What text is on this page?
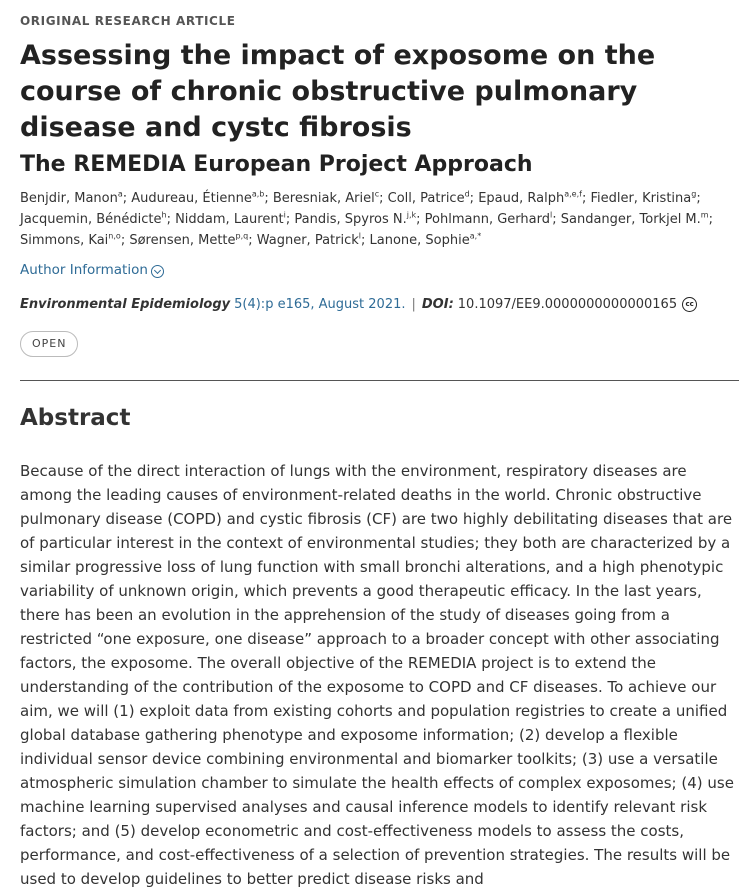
ORIGINAL RESEARCH ARTICLE
Assessing the impact of exposome on the course of chronic obstructive pulmonary disease and cystc fibrosis
The REMEDIA European Project Approach

Benjdir, Manon$^a$; Audureau, Étienne$^{a,b}$; Beresniak, Ariel$^c$; Coll, Patrice$^d$; Epaud, Ralph$^{a,e,f}$; Fiedler, Kristina$^g$; Jacquemin, Bénédicte$^h$; Niddam, Laurent$^i$; Pandis, Spyros N.$^{j,k}$; Pohlmann, Gerhard$^l$; Sandanger, Torkjel M.$^m$; Simmons, Kai$^{n,o}$; Sørensen, Mette$^{p,q}$; Wagner, Patrick$^l$; Lanone, Sophie$^{a,*}$

Author Information
Environmental Epidemiology 5(4):p e165, August 2021. | DOI: 10.1097/EE9.0000000000000165	cc
OPEN
Abstract

Because of the direct interaction of lungs with the environment, respiratory diseases are among the leading causes of environment-related deaths in the world. Chronic obstructive pulmonary disease (COPD) and cystic fibrosis (CF) are two highly debilitating diseases that are of particular interest in the context of environmental studies; they both are characterized by a similar progressive loss of lung function with small bronchi alterations, and a high phenotypic variability of unknown origin, which prevents a good therapeutic efficacy. In the last years, there has been an evolution in the apprehension of the study of diseases going from a restricted “one exposure, one disease” approach to a broader concept with other associating factors, the exposome. The overall objective of the REMEDIA project is to extend the understanding of the contribution of the exposome to COPD and CF diseases. To achieve our aim, we will (1) exploit data from existing cohorts and population registries to create a unified global database gathering phenotype and exposome information; (2) develop a flexible individual sensor device combining environmental and biomarker toolkits; (3) use a versatile atmospheric simulation chamber to simulate the health effects of complex exposomes; (4) use machine learning supervised analyses and causal inference models to identify relevant risk factors; and (5) develop econometric and cost-effectiveness models to assess the costs, performance, and cost-effectiveness of a selection of prevention strategies. The results will be used to develop guidelines to better predict disease risks and
